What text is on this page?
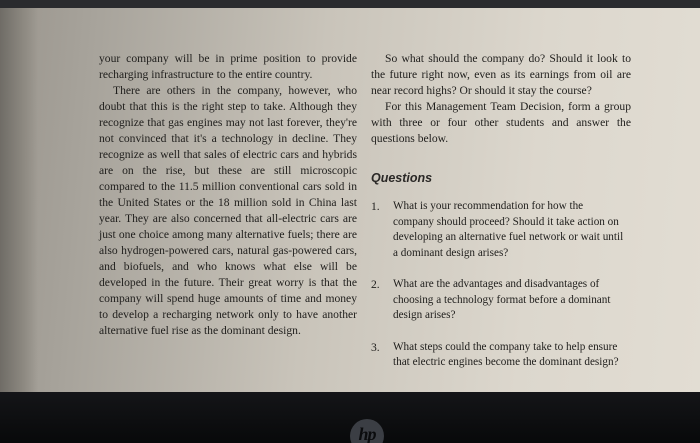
your company will be in prime position to provide recharging infrastructure to the entire country.

There are others in the company, however, who doubt that this is the right step to take. Although they recognize that gas engines may not last forever, they're not convinced that it's a technology in decline. They recognize as well that sales of electric cars and hybrids are on the rise, but these are still microscopic compared to the 11.5 million conventional cars sold in the United States or the 18 million sold in China last year. They are also concerned that all-electric cars are just one choice among many alternative fuels; there are also hydrogen-powered cars, natural gas-powered cars, and biofuels, and who knows what else will be developed in the future. Their great worry is that the company will spend huge amounts of time and money to develop a recharging network only to have another alternative fuel rise as the dominant design.

So what should the company do? Should it look to the future right now, even as its earnings from oil are near record highs? Or should it stay the course?

For this Management Team Decision, form a group with three or four other students and answer the questions below.

Questions

1.	What is your recommendation for how the company should proceed? Should it take action on developing an alternative fuel network or wait until a dominant design arises?
2.	What are the advantages and disadvantages of choosing a technology format before a dominant design arises?
3.	What steps could the company take to help ensure that electric engines become the dominant design?
hp
